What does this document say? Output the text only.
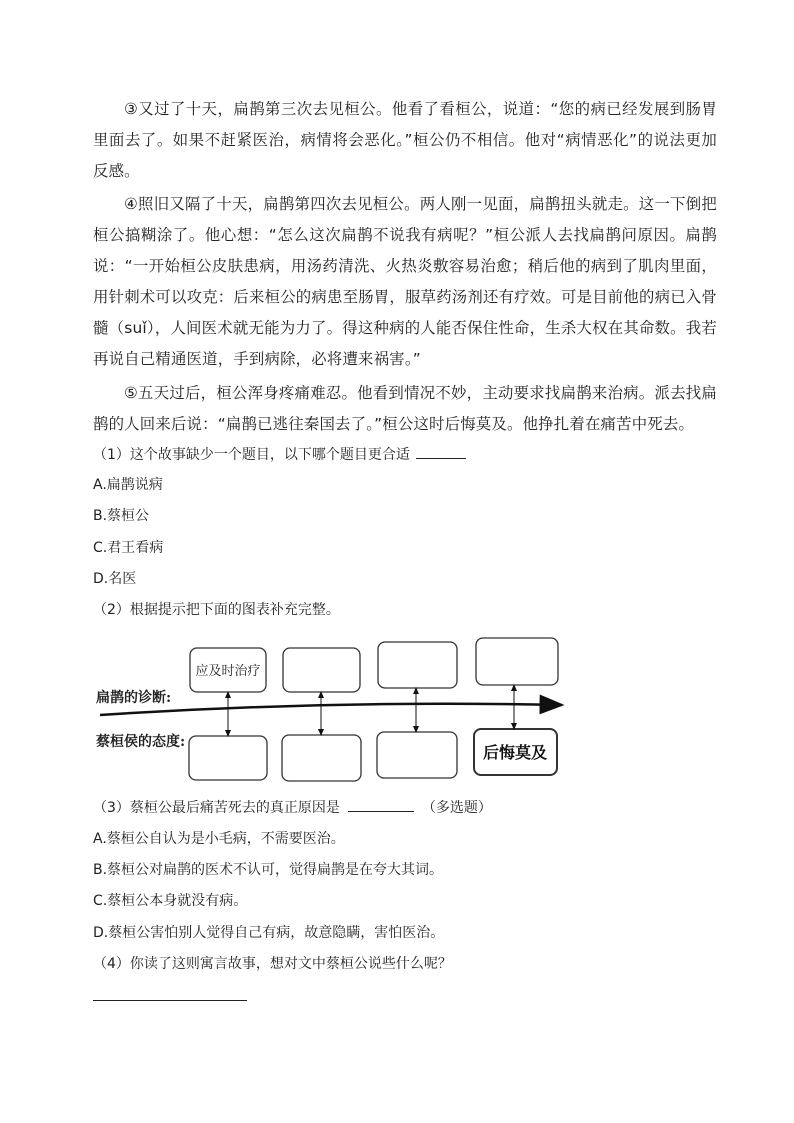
③又过了十天，扁鹊第三次去见桓公。他看了看桓公，说道：“您的病已经发展到肠胃里面去了。如果不赶紧医治，病情将会恶化。”桓公仍不相信。他对“病情恶化”的说法更加反感。

④照旧又隔了十天，扁鹊第四次去见桓公。两人刚一见面，扁鹊扭头就走。这一下倒把桓公搞糊涂了。他心想：“怎么这次扁鹊不说我有病呢？”桓公派人去找扁鹊问原因。扁鹊说：“一开始桓公皮肤患病，用汤药清洗、火热炎敷容易治愈；稍后他的病到了肌肉里面，用针刺术可以攻克：后来桓公的病患至肠胃，服草药汤剂还有疗效。可是目前他的病已入骨髓（suǐ），人间医术就无能为力了。得这种病的人能否保住性命，生杀大权在其命数。我若再说自己精通医道，手到病除，必将遭来祸害。”

⑤五天过后，桓公浑身疼痛难忍。他看到情况不妙，主动要求找扁鹊来治病。派去找扁鹊的人回来后说：“扁鹊已逃往秦国去了。”桓公这时后悔莫及。他挣扎着在痛苦中死去。

（1）这个故事缺少一个题目，以下哪个题目更合适
A.扁鹊说病
B.蔡桓公
C.君王看病
D.名医
（2）根据提示把下面的图表补充完整。
扁鹊的诊断:
蔡桓侯的态度:
应及时治疗
后悔莫及
（3）蔡桓公最后痛苦死去的真正原因是	（多选题）
A.蔡桓公自认为是小毛病，不需要医治。
B.蔡桓公对扁鹊的医术不认可，觉得扁鹊是在夸大其词。
C.蔡桓公本身就没有病。
D.蔡桓公害怕别人觉得自己有病，故意隐瞒，害怕医治。
（4）你读了这则寓言故事，想对文中蔡桓公说些什么呢？
